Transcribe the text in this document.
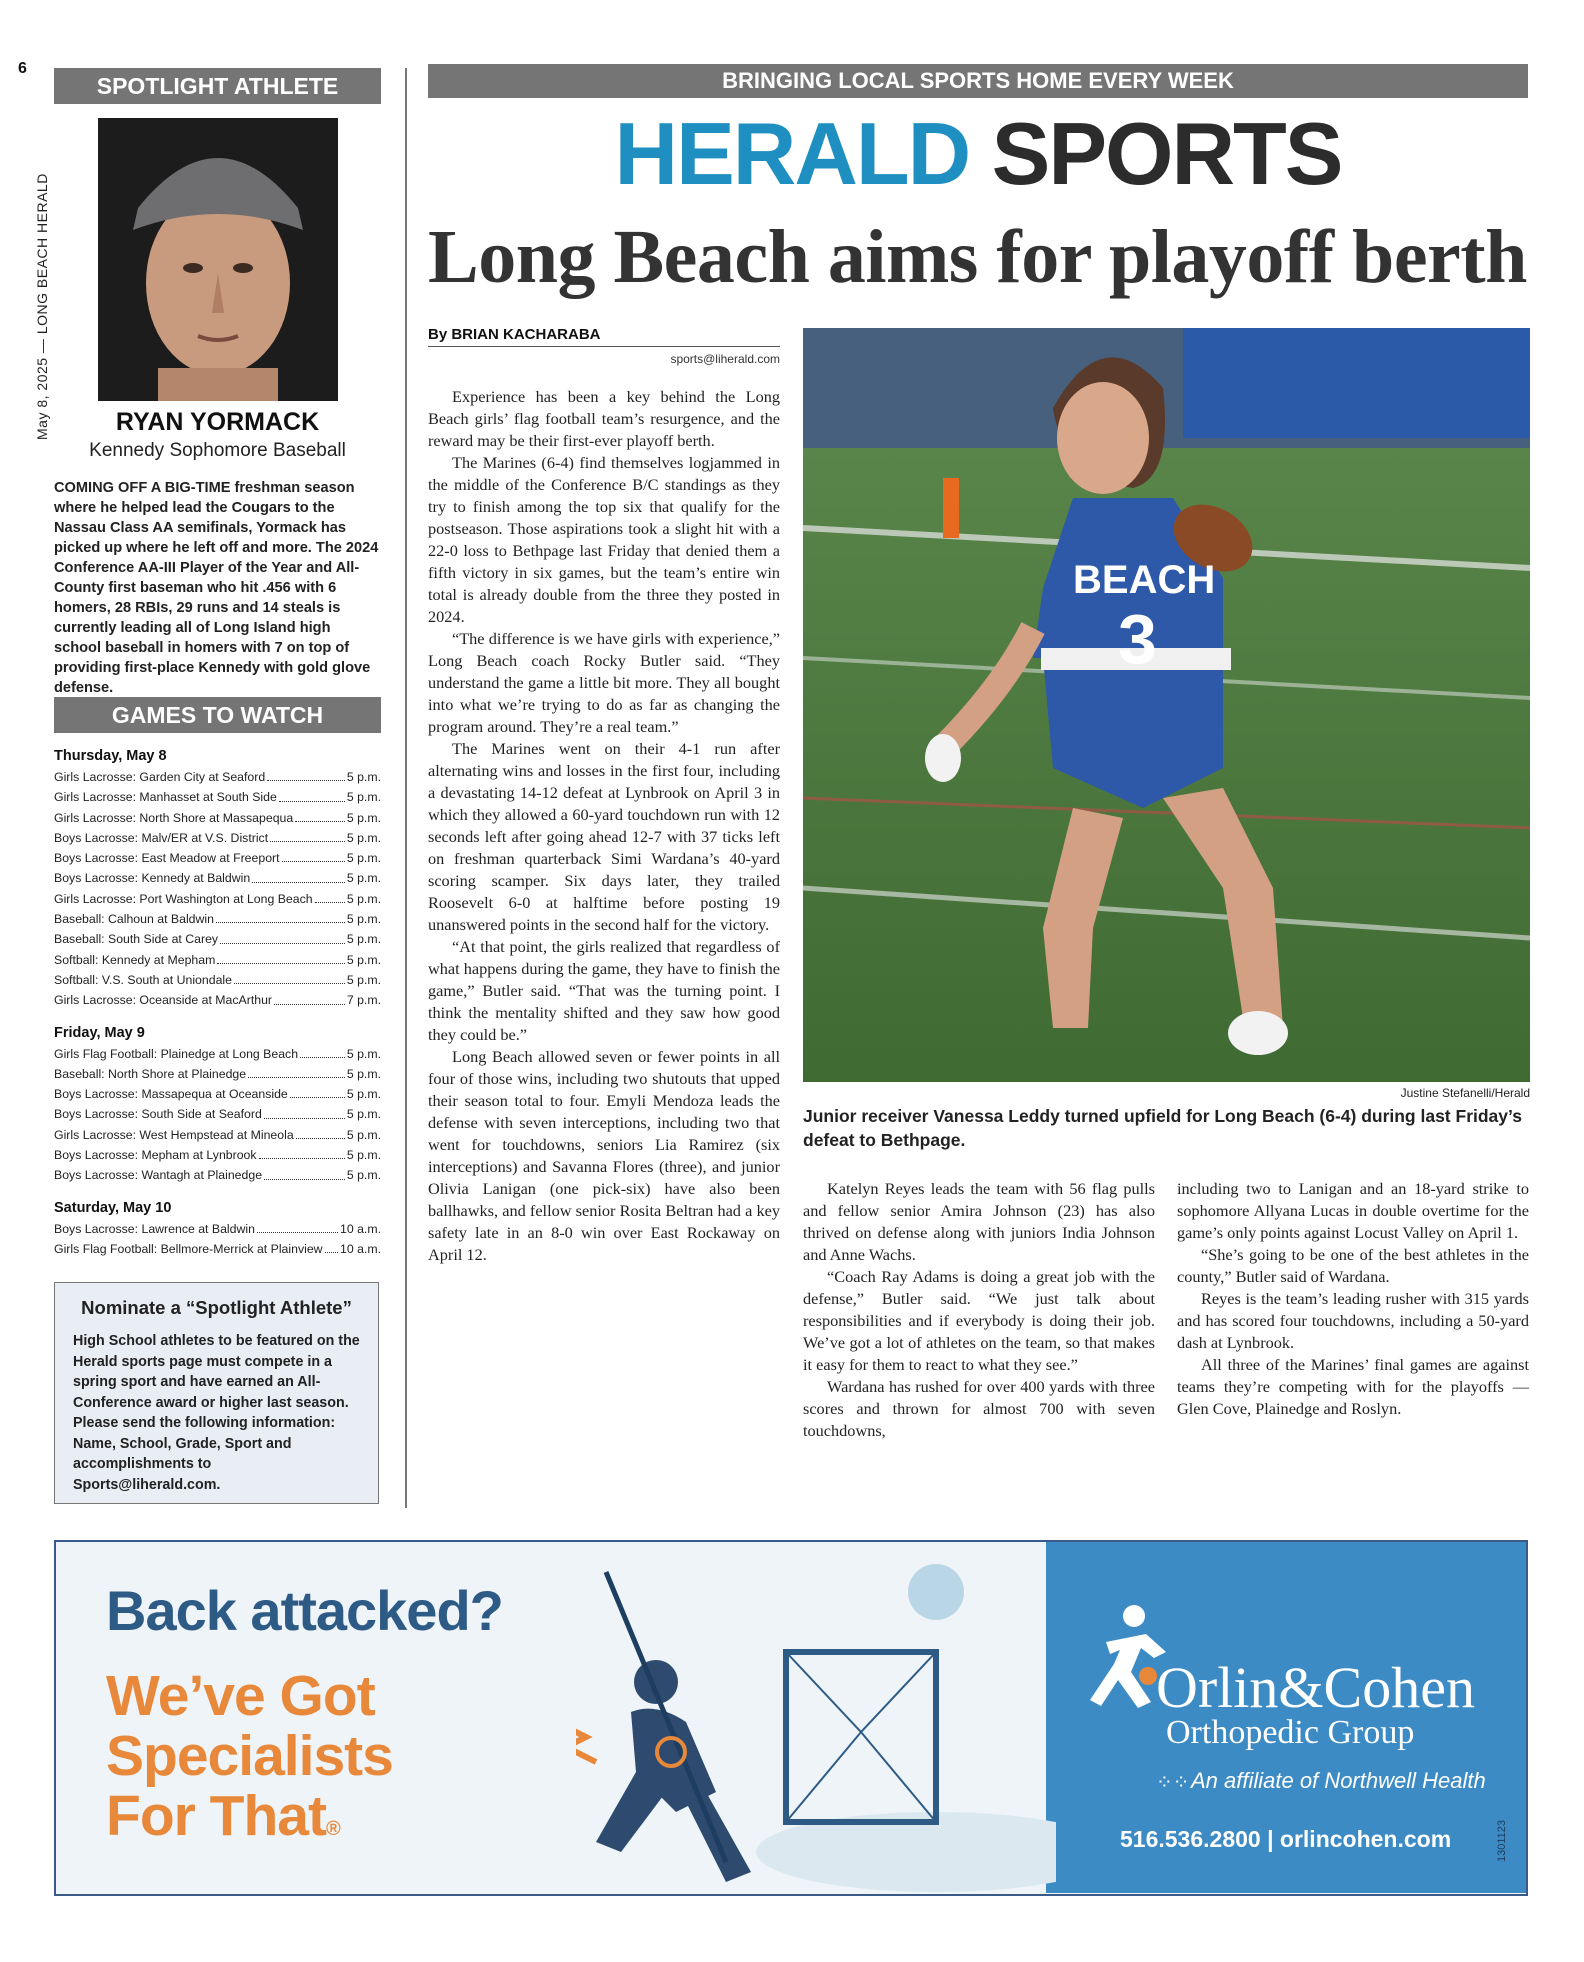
6
May 8, 2025 — LONG BEACH HERALD
SPOTLIGHT ATHLETE
RYAN YORMACK
Kennedy Sophomore Baseball
COMING OFF A BIG-TIME freshman season where he helped lead the Cougars to the Nassau Class AA semifinals, Yormack has picked up where he left off and more. The 2024 Conference AA-III Player of the Year and All-County first baseman who hit .456 with 6 homers, 28 RBIs, 29 runs and 14 steals is currently leading all of Long Island high school baseball in homers with 7 on top of providing first-place Kennedy with gold glove defense.
GAMES TO WATCH
Thursday, May 8
Girls Lacrosse: Garden City at Seaford	5 p.m.
Girls Lacrosse: Manhasset at South Side	5 p.m.
Girls Lacrosse: North Shore at Massapequa	5 p.m.
Boys Lacrosse: Malv/ER at V.S. District	5 p.m.
Boys Lacrosse: East Meadow at Freeport	5 p.m.
Boys Lacrosse: Kennedy at Baldwin	5 p.m.
Girls Lacrosse: Port Washington at Long Beach	5 p.m.
Baseball: Calhoun at Baldwin	5 p.m.
Baseball: South Side at Carey	5 p.m.
Softball: Kennedy at Mepham	5 p.m.
Softball: V.S. South at Uniondale	5 p.m.
Girls Lacrosse: Oceanside at MacArthur	7 p.m.
Friday, May 9
Girls Flag Football: Plainedge at Long Beach	5 p.m.
Baseball: North Shore at Plainedge	5 p.m.
Boys Lacrosse: Massapequa at Oceanside	5 p.m.
Boys Lacrosse: South Side at Seaford	5 p.m.
Girls Lacrosse: West Hempstead at Mineola	5 p.m.
Boys Lacrosse: Mepham at Lynbrook	5 p.m.
Boys Lacrosse: Wantagh at Plainedge	5 p.m.
Saturday, May 10
Boys Lacrosse: Lawrence at Baldwin	10 a.m.
Girls Flag Football: Bellmore-Merrick at Plainview 10 a.m.
Nominate a “Spotlight Athlete”

High School athletes to be featured on the Herald sports page must compete in a spring sport and have earned an All-Conference award or higher last season. Please send the following information: Name, School, Grade, Sport and accomplishments to Sports@liherald.com.

BRINGING LOCAL SPORTS HOME EVERY WEEK
HERALD SPORTS
Long Beach aims for playoff berth
By BRIAN KACHARABA
sports@liherald.com

Experience has been a key behind the Long Beach girls’ flag football team’s resurgence, and the reward may be their first-ever playoff berth.

The Marines (6-4) find themselves logjammed in the middle of the Conference B/C standings as they try to finish among the top six that qualify for the postseason. Those aspirations took a slight hit with a 22-0 loss to Bethpage last Friday that denied them a fifth victory in six games, but the team’s entire win total is already double from the three they posted in 2024.

“The difference is we have girls with experience,” Long Beach coach Rocky Butler said. “They understand the game a little bit more. They all bought into what we’re trying to do as far as changing the program around. They’re a real team.”

The Marines went on their 4-1 run after alternating wins and losses in the first four, including a devastating 14-12 defeat at Lynbrook on April 3 in which they allowed a 60-yard touchdown run with 12 seconds left after going ahead 12-7 with 37 ticks left on freshman quarterback Simi Wardana’s 40-yard scoring scamper. Six days later, they trailed Roosevelt 6-0 at halftime before posting 19 unanswered points in the second half for the victory.

“At that point, the girls realized that regardless of what happens during the game, they have to finish the game,” Butler said. “That was the turning point. I think the mentality shifted and they saw how good they could be.”

Long Beach allowed seven or fewer points in all four of those wins, including two shutouts that upped their season total to four. Emyli Mendoza leads the defense with seven interceptions, including two that went for touchdowns, seniors Lia Ramirez (six interceptions) and Savanna Flores (three), and junior Olivia Lanigan (one pick-six) have also been ballhawks, and fellow senior Rosita Beltran had a key safety late in an 8-0 win over East Rockaway on April 12.

BEACH
3
Justine Stefanelli/Herald
Junior receiver Vanessa Leddy turned upfield for Long Beach (6-4) during last Friday’s defeat to Bethpage.

Katelyn Reyes leads the team with 56 flag pulls and fellow senior Amira Johnson (23) has also thrived on defense along with juniors India Johnson and Anne Wachs.

“Coach Ray Adams is doing a great job with the defense,” Butler said. “We just talk about responsibilities and if everybody is doing their job. We’ve got a lot of athletes on the team, so that makes it easy for them to react to what they see.”

Wardana has rushed for over 400 yards with three scores and thrown for almost 700 with seven touchdowns,

including two to Lanigan and an 18-yard strike to sophomore Allyana Lucas in double overtime for the game’s only points against Locust Valley on April 1.

“She’s going to be one of the best athletes in the county,” Butler said of Wardana.

Reyes is the team’s leading rusher with 315 yards and has scored four touchdowns, including a 50-yard dash at Lynbrook.

All three of the Marines’ final games are against teams they’re competing with for the playoffs — Glen Cove, Plainedge and Roslyn.

Back attacked?
We’ve Got
Specialists
For That®
Orlin&Cohen
Orthopedic Group
⁘⁘ An affiliate of Northwell Health
516.536.2800 | orlincohen.com	1301123
